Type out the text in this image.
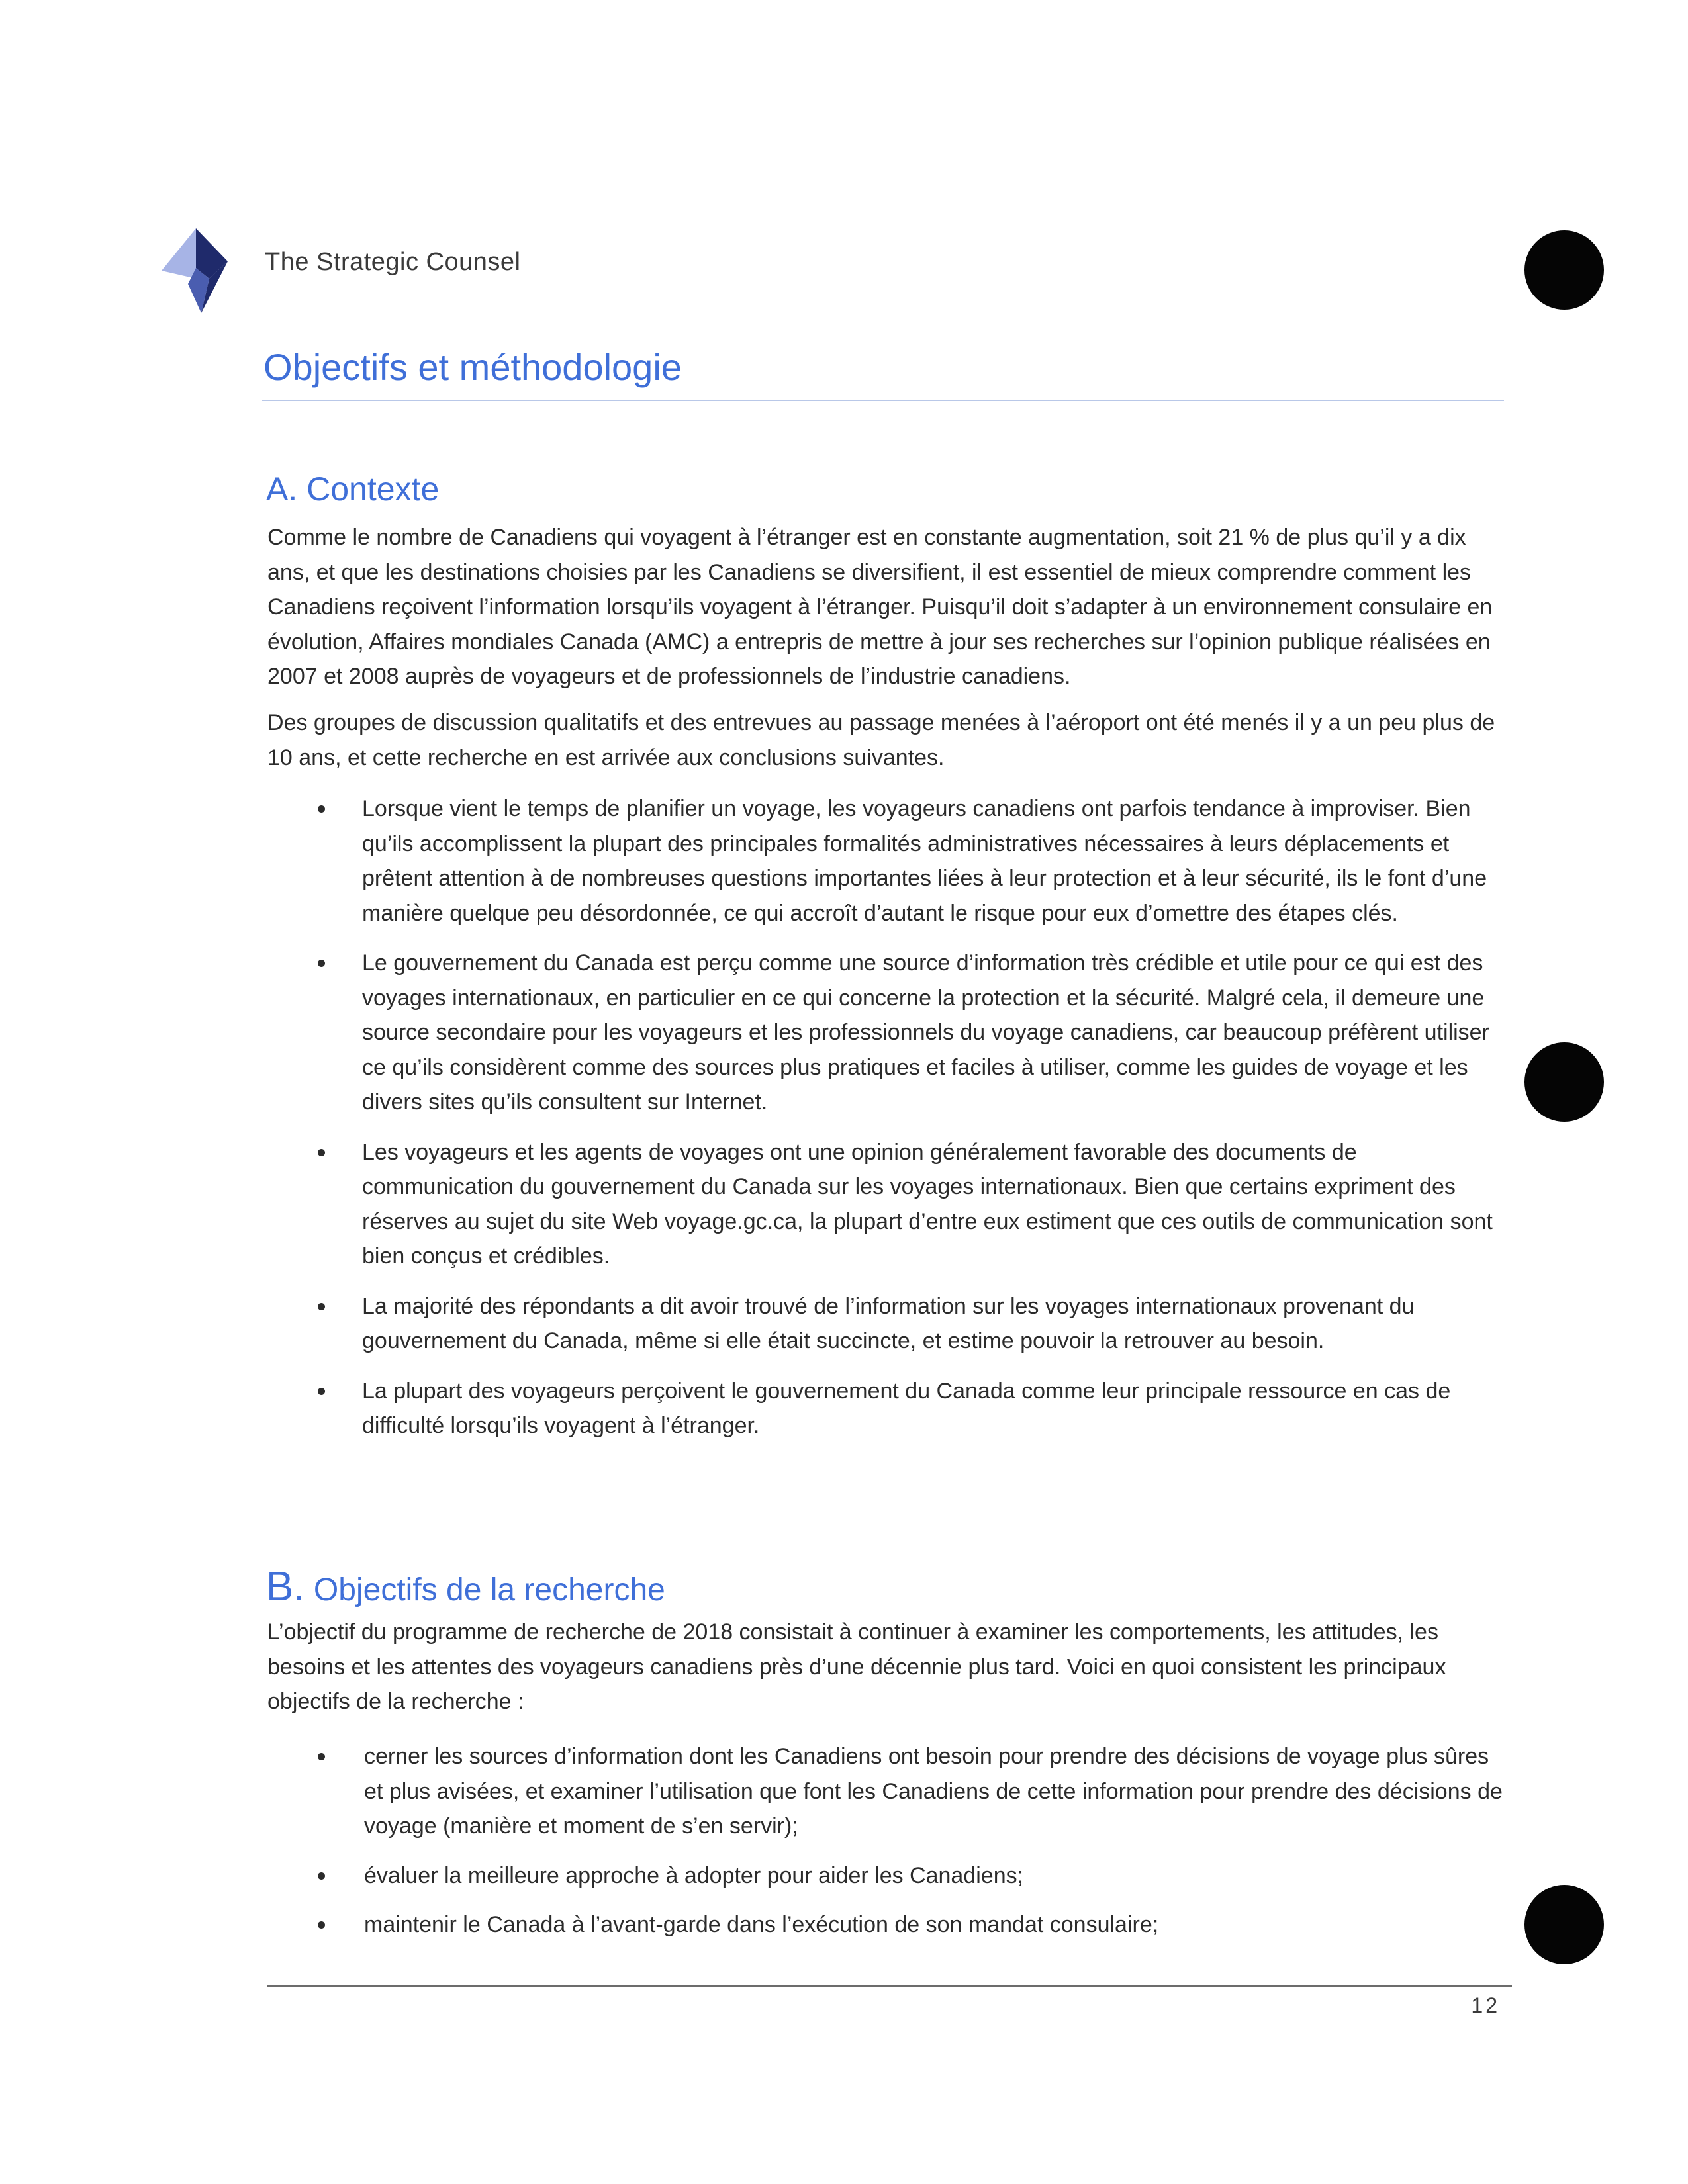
The Strategic Counsel
Objectifs et méthodologie
A. Contexte

Comme le nombre de Canadiens qui voyagent à l’étranger est en constante augmentation, soit 21 % de plus qu’il y a dix ans, et que les destinations choisies par les Canadiens se diversifient, il est essentiel de mieux comprendre comment les Canadiens reçoivent l’information lorsqu’ils voyagent à l’étranger. Puisqu’il doit s’adapter à un environnement consulaire en évolution, Affaires mondiales Canada (AMC) a entrepris de mettre à jour ses recherches sur l’opinion publique réalisées en 2007 et 2008 auprès de voyageurs et de professionnels de l’industrie canadiens.

Des groupes de discussion qualitatifs et des entrevues au passage menées à l’aéroport ont été menés il y a un peu plus de 10 ans, et cette recherche en est arrivée aux conclusions suivantes.

Lorsque vient le temps de planifier un voyage, les voyageurs canadiens ont parfois tendance à improviser. Bien qu’ils accomplissent la plupart des principales formalités administratives nécessaires à leurs déplacements et prêtent attention à de nombreuses questions importantes liées à leur protection et à leur sécurité, ils le font d’une manière quelque peu désordonnée, ce qui accroît d’autant le risque pour eux d’omettre des étapes clés.
Le gouvernement du Canada est perçu comme une source d’information très crédible et utile pour ce qui est des voyages internationaux, en particulier en ce qui concerne la protection et la sécurité. Malgré cela, il demeure une source secondaire pour les voyageurs et les professionnels du voyage canadiens, car beaucoup préfèrent utiliser ce qu’ils considèrent comme des sources plus pratiques et faciles à utiliser, comme les guides de voyage et les divers sites qu’ils consultent sur Internet.
Les voyageurs et les agents de voyages ont une opinion généralement favorable des documents de communication du gouvernement du Canada sur les voyages internationaux. Bien que certains expriment des réserves au sujet du site Web voyage.gc.ca, la plupart d’entre eux estiment que ces outils de communication sont bien conçus et crédibles.
La majorité des répondants a dit avoir trouvé de l’information sur les voyages internationaux provenant du gouvernement du Canada, même si elle était succincte, et estime pouvoir la retrouver au besoin.
La plupart des voyageurs perçoivent le gouvernement du Canada comme leur principale ressource en cas de difficulté lorsqu’ils voyagent à l’étranger.
B. Objectifs de la recherche

L’objectif du programme de recherche de 2018 consistait à continuer à examiner les comportements, les attitudes, les besoins et les attentes des voyageurs canadiens près d’une décennie plus tard. Voici en quoi consistent les principaux objectifs de la recherche :

cerner les sources d’information dont les Canadiens ont besoin pour prendre des décisions de voyage plus sûres et plus avisées, et examiner l’utilisation que font les Canadiens de cette information pour prendre des décisions de voyage (manière et moment de s’en servir);
évaluer la meilleure approche à adopter pour aider les Canadiens;
maintenir le Canada à l’avant-garde dans l’exécution de son mandat consulaire;
12
